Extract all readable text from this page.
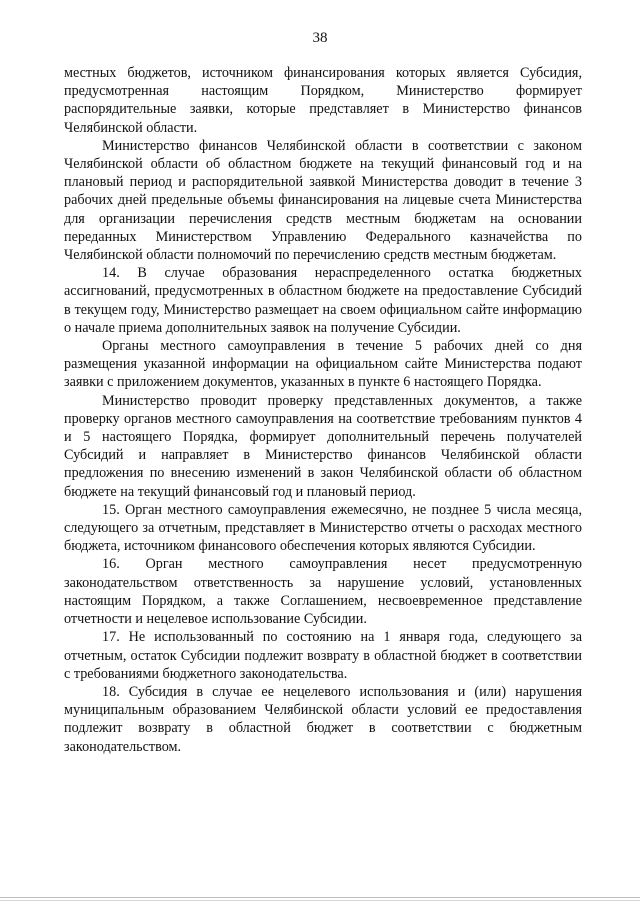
38

местных бюджетов, источником финансирования которых является Субсидия, предусмотренная настоящим Порядком, Министерство формирует распорядительные заявки, которые представляет в Министерство финансов Челябинской области.

Министерство финансов Челябинской области в соответствии с законом Челябинской области об областном бюджете на текущий финансовый год и на плановый период и распорядительной заявкой Министерства доводит в течение 3 рабочих дней предельные объемы финансирования на лицевые счета Министерства для организации перечисления средств местным бюджетам на основании переданных Министерством Управлению Федерального казначейства по Челябинской области полномочий по перечислению средств местным бюджетам.

14. В случае образования нераспределенного остатка бюджетных ассигнований, предусмотренных в областном бюджете на предоставление Субсидий в текущем году, Министерство размещает на своем официальном сайте информацию о начале приема дополнительных заявок на получение Субсидии.

Органы местного самоуправления в течение 5 рабочих дней со дня размещения указанной информации на официальном сайте Министерства подают заявки с приложением документов, указанных в пункте 6 настоящего Порядка.

Министерство проводит проверку представленных документов, а также проверку органов местного самоуправления на соответствие требованиям пунктов 4 и 5 настоящего Порядка, формирует дополнительный перечень получателей Субсидий и направляет в Министерство финансов Челябинской области предложения по внесению изменений в закон Челябинской области об областном бюджете на текущий финансовый год и плановый период.

15. Орган местного самоуправления ежемесячно, не позднее 5 числа месяца, следующего за отчетным, представляет в Министерство отчеты о расходах местного бюджета, источником финансового обеспечения которых являются Субсидии.

16. Орган местного самоуправления несет предусмотренную законодательством ответственность за нарушение условий, установленных настоящим Порядком, а также Соглашением, несвоевременное представление отчетности и нецелевое использование Субсидии.

17. Не использованный по состоянию на 1 января года, следующего за отчетным, остаток Субсидии подлежит возврату в областной бюджет в соответствии с требованиями бюджетного законодательства.

18. Субсидия в случае ее нецелевого использования и (или) нарушения муниципальным образованием Челябинской области условий ее предоставления подлежит возврату в областной бюджет в соответствии с бюджетным законодательством.
